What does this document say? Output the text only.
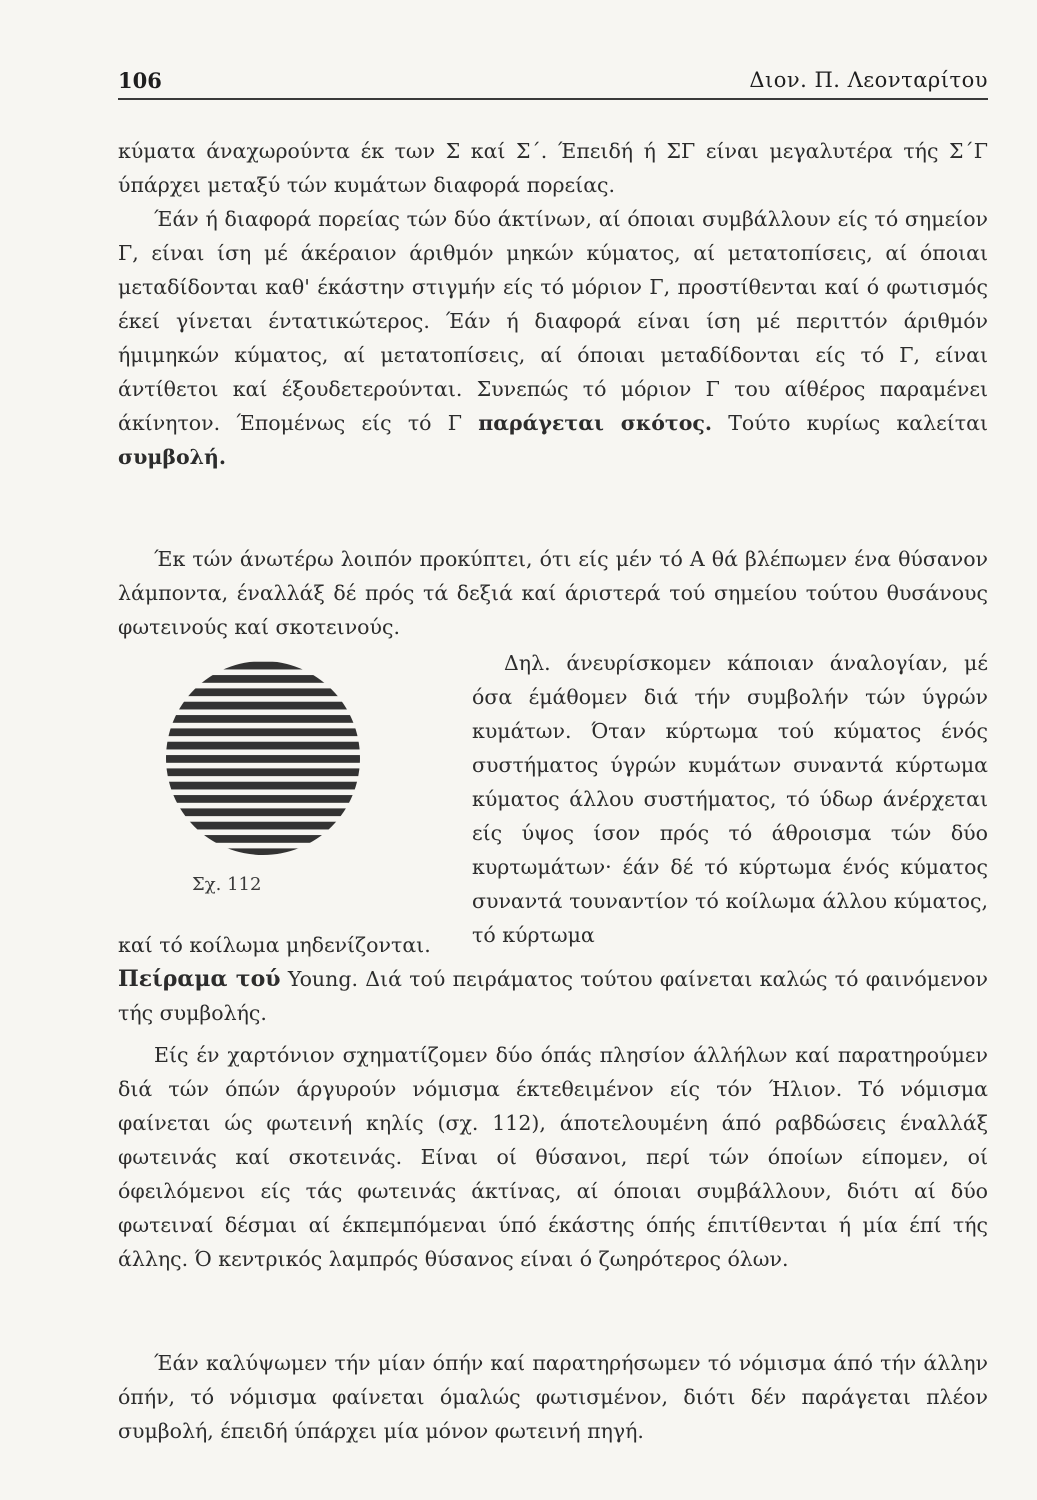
106	Διον. Π. Λεονταρίτου

κύματα άναχωρούντα έκ των Σ καί Σ΄. Έπειδή ή ΣΓ είναι μεγαλυτέρα τής Σ΄Γ ύπάρχει μεταξύ τών κυμάτων διαφορά πορείας.

Έάν ή διαφορά πορείας τών δύο άκτίνων, αί όποιαι συμβάλλουν είς τό σημείον Γ, είναι ίση μέ άκέραιον άριθμόν μηκών κύματος, αί μετατοπίσεις, αί όποιαι μεταδίδονται καθ' έκάστην στιγμήν είς τό μόριον Γ, προστίθενται καί ό φωτισμός έκεί γίνεται έντατικώτερος. Έάν ή διαφορά είναι ίση μέ περιττόν άριθμόν ήμιμηκών κύματος, αί μετατοπίσεις, αί όποιαι μεταδίδονται είς τό Γ, είναι άντίθετοι καί έξουδετερούνται. Συνεπώς τό μόριον Γ του αίθέρος παραμένει άκίνητον. Έπομένως είς τό Γ παράγεται σκότος. Τούτο κυρίως καλείται συμβολή.

Έκ τών άνωτέρω λοιπόν προκύπτει, ότι είς μέν τό Α θά βλέπωμεν ένα θύσανον λάμποντα, έναλλάξ δέ πρός τά δεξιά καί άριστερά τού σημείου τούτου θυσάνους φωτεινούς καί σκοτεινούς.

Σχ. 112

Δηλ. άνευρίσκομεν κάποιαν άναλογίαν, μέ όσα έμάθομεν διά τήν συμβολήν τών ύγρών κυμάτων. Όταν κύρτωμα τού κύματος ένός συστήματος ύγρών κυμάτων συναντά κύρτωμα κύματος άλλου συστήματος, τό ύδωρ άνέρχεται είς ύψος ίσον πρός τό άθροισμα τών δύο κυρτωμάτων· έάν δέ τό κύρτωμα ένός κύματος συναντά τουναντίον τό κοίλωμα άλλου κύματος, τό κύρτωμα

καί τό κοίλωμα μηδενίζονται.

Πείραμα τού Young. Διά τού πειράματος τούτου φαίνεται καλώς τό φαινόμενον τής συμβολής.

Είς έν χαρτόνιον σχηματίζομεν δύο όπάς πλησίον άλλήλων καί παρατηρούμεν διά τών όπών άργυρούν νόμισμα έκτεθειμένον είς τόν Ήλιον. Τό νόμισμα φαίνεται ώς φωτεινή κηλίς (σχ. 112), άποτελουμένη άπό ραβδώσεις έναλλάξ φωτεινάς καί σκοτεινάς. Είναι οί θύσανοι, περί τών όποίων είπομεν, οί όφειλόμενοι είς τάς φωτεινάς άκτίνας, αί όποιαι συμβάλλουν, διότι αί δύο φωτειναί δέσμαι αί έκπεμπόμεναι ύπό έκάστης όπής έπιτίθενται ή μία έπί τής άλλης. Ό κεντρικός λαμπρός θύσανος είναι ό ζωηρότερος όλων.

Έάν καλύψωμεν τήν μίαν όπήν καί παρατηρήσωμεν τό νόμισμα άπό τήν άλλην όπήν, τό νόμισμα φαίνεται όμαλώς φωτισμένον, διότι δέν παράγεται πλέον συμβολή, έπειδή ύπάρχει μία μόνον φωτεινή πηγή.
